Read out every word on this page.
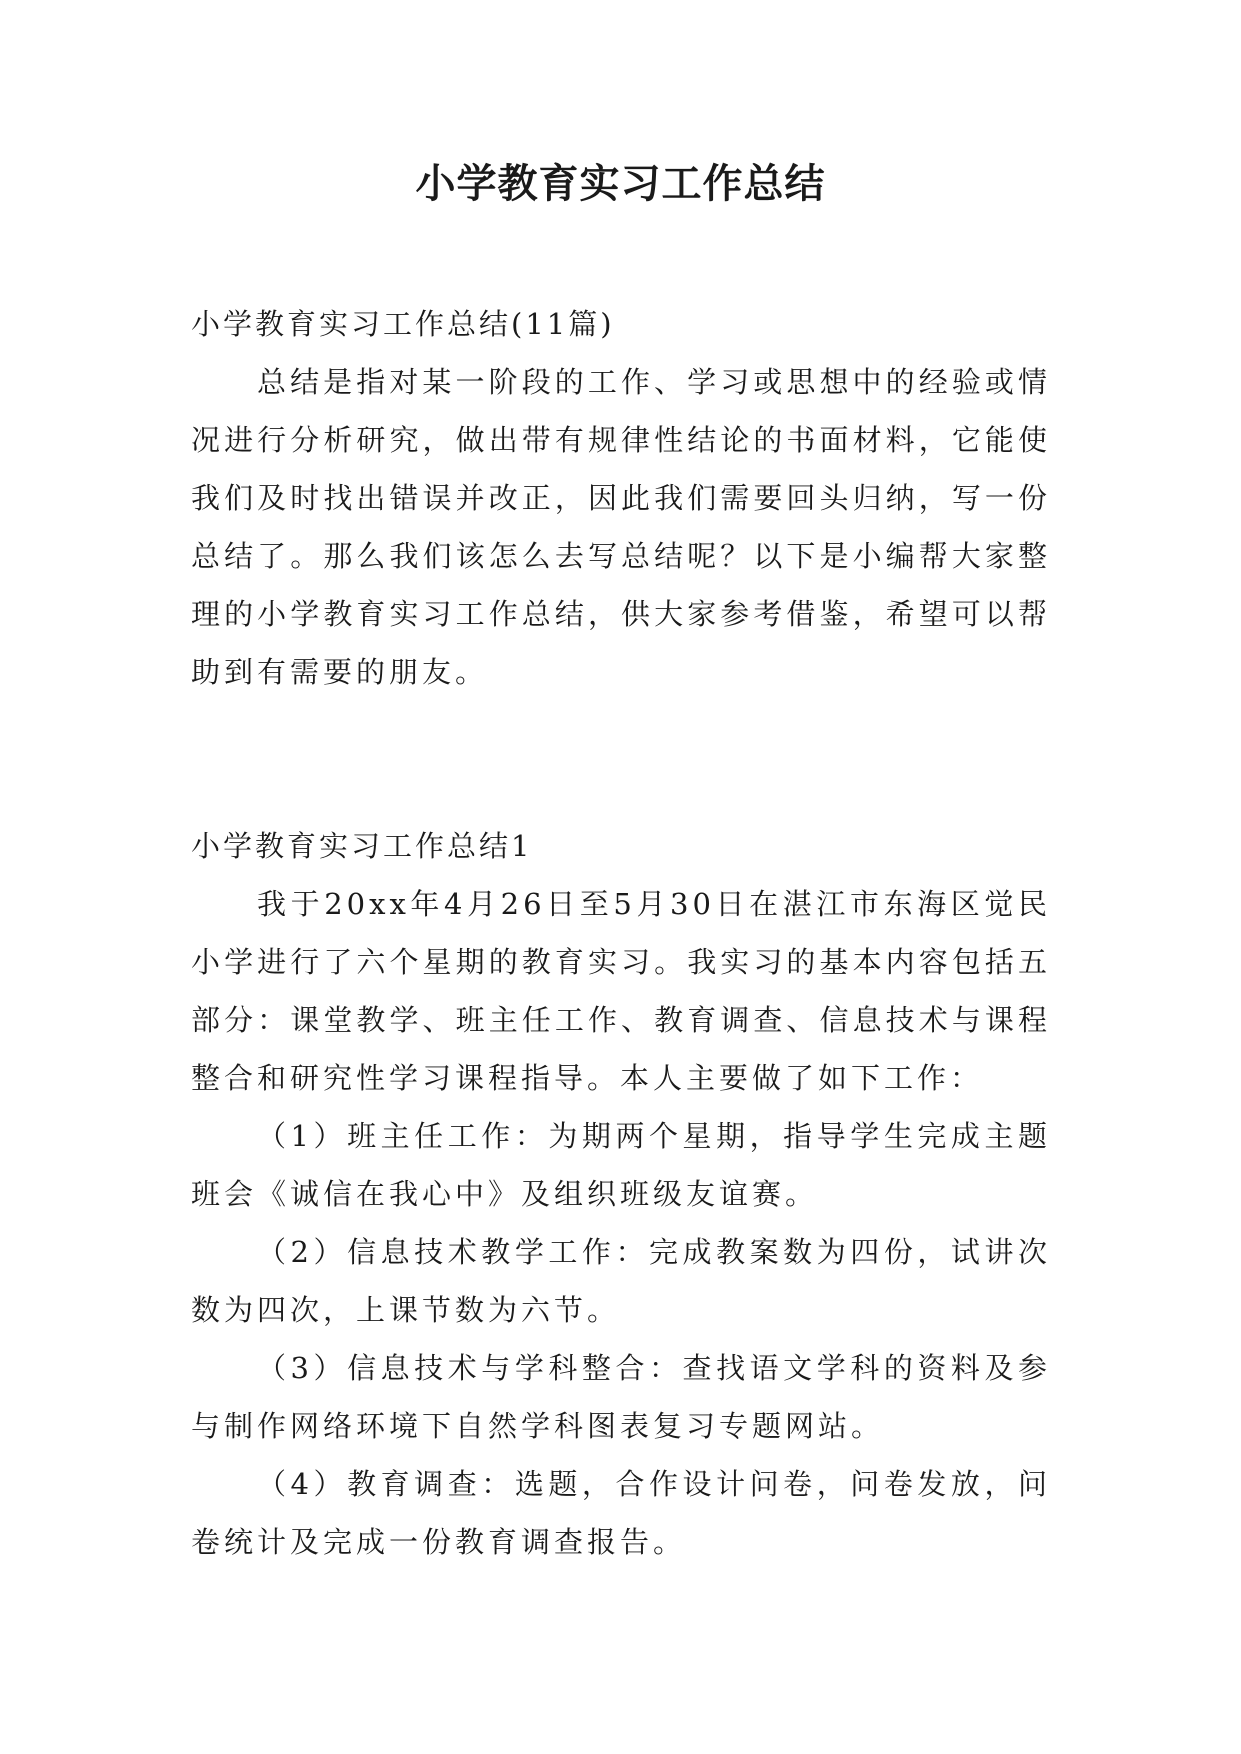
小学教育实习工作总结

小学教育实习工作总结(11篇)

总结是指对某一阶段的工作、学习或思想中的经验或情况进行分析研究，做出带有规律性结论的书面材料，它能使我们及时找出错误并改正，因此我们需要回头归纳，写一份总结了。那么我们该怎么去写总结呢？以下是小编帮大家整理的小学教育实习工作总结，供大家参考借鉴，希望可以帮助到有需要的朋友。

小学教育实习工作总结1

我于20xx年4月26日至5月30日在湛江市东海区觉民小学进行了六个星期的教育实习。我实习的基本内容包括五部分：课堂教学、班主任工作、教育调查、信息技术与课程整合和研究性学习课程指导。本人主要做了如下工作：

（1）班主任工作：为期两个星期，指导学生完成主题班会《诚信在我心中》及组织班级友谊赛。

（2）信息技术教学工作：完成教案数为四份，试讲次数为四次，上课节数为六节。

（3）信息技术与学科整合：查找语文学科的资料及参与制作网络环境下自然学科图表复习专题网站。

（4）教育调查：选题，合作设计问卷，问卷发放，问卷统计及完成一份教育调查报告。
